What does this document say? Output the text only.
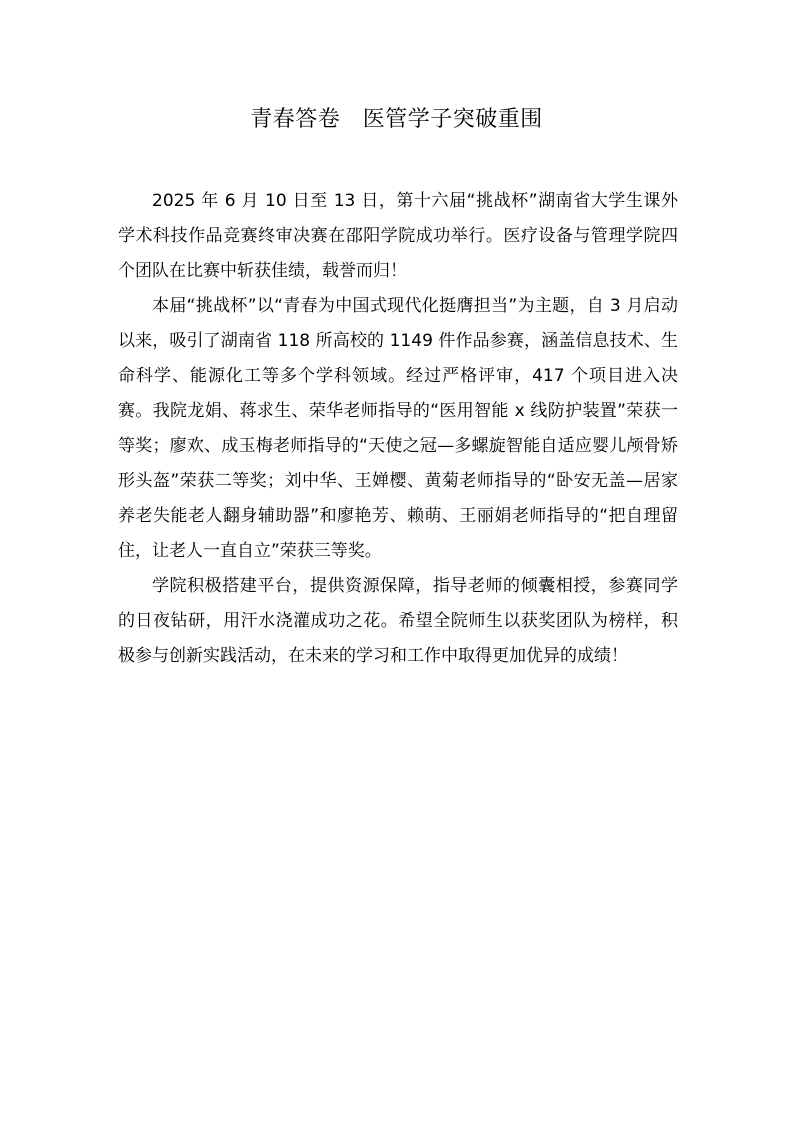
青春答卷　医管学子突破重围

2025 年 6 月 10 日至 13 日，第十六届“挑战杯”湖南省大学生课外学术科技作品竞赛终审决赛在邵阳学院成功举行。医疗设备与管理学院四个团队在比赛中斩获佳绩，载誉而归！

本届“挑战杯”以“青春为中国式现代化挺膺担当”为主题，自 3 月启动以来，吸引了湖南省 118 所高校的 1149 件作品参赛，涵盖信息技术、生命科学、能源化工等多个学科领域。经过严格评审，417 个项目进入决赛。我院龙娟、蒋求生、荣华老师指导的“医用智能 x 线防护装置”荣获一等奖；廖欢、成玉梅老师指导的“天使之冠—多螺旋智能自适应婴儿颅骨矫形头盔”荣获二等奖；刘中华、王婵樱、黄菊老师指导的“卧安无盖—居家养老失能老人翻身辅助器”和廖艳芳、赖萌、王丽娟老师指导的“把自理留住，让老人一直自立”荣获三等奖。

学院积极搭建平台，提供资源保障，指导老师的倾囊相授，参赛同学的日夜钻研，用汗水浇灌成功之花。希望全院师生以获奖团队为榜样，积极参与创新实践活动，在未来的学习和工作中取得更加优异的成绩！
